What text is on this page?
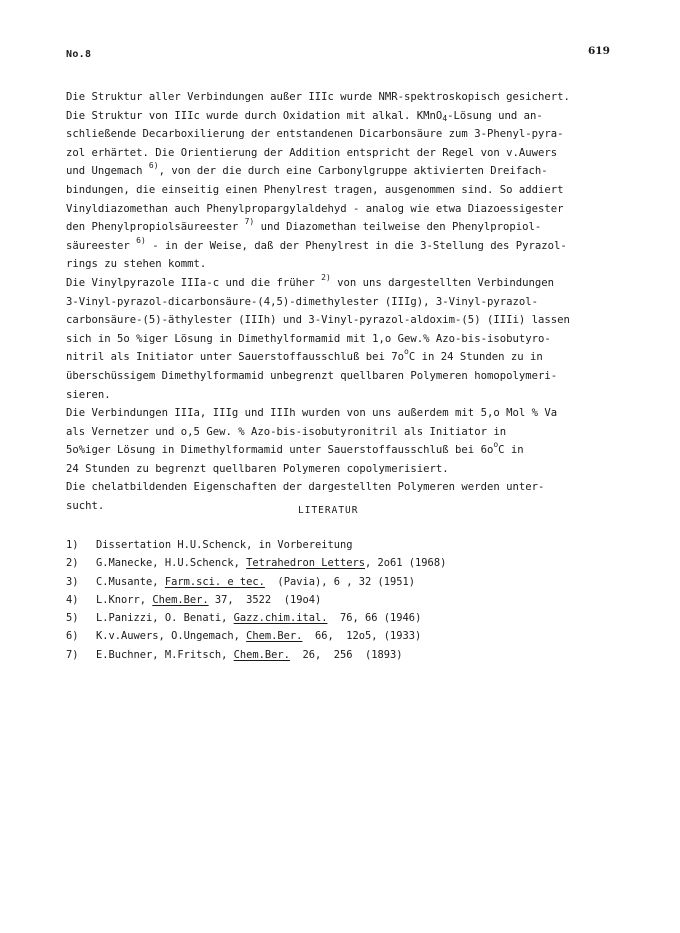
No.8	619
Die Struktur aller Verbindungen außer IIIc wurde NMR-spektroskopisch gesichert.
Die Struktur von IIIc wurde durch Oxidation mit alkal. KMnO$_4$-Lösung und an-
schließende Decarboxilierung der entstandenen Dicarbonsäure zum 3-Phenyl-pyra-
zol erhärtet. Die Orientierung der Addition entspricht der Regel von v.Auwers
und Ungemach $^{6)}$, von der die durch eine Carbonylgruppe aktivierten Dreifach-
bindungen, die einseitig einen Phenylrest tragen, ausgenommen sind. So addiert
Vinyldiazomethan auch Phenylpropargylaldehyd - analog wie etwa Diazoessigester
den Phenylpropiolsäureester $^{7)}$ und Diazomethan teilweise den Phenylpropiol-
säureester $^{6)}$ - in der Weise, daß der Phenylrest in die 3-Stellung des Pyrazol-
rings zu stehen kommt.
Die Vinylpyrazole IIIa-c und die früher $^{2)}$ von uns dargestellten Verbindungen
3-Vinyl-pyrazol-dicarbonsäure-(4,5)-dimethylester (IIIg), 3-Vinyl-pyrazol-
carbonsäure-(5)-äthylester (IIIh) und 3-Vinyl-pyrazol-aldoxim-(5) (IIIi) lassen
sich in 5o %iger Lösung in Dimethylformamid mit 1,o Gew.% Azo-bis-isobutyro-
nitril als Initiator unter Sauerstoffausschluß bei $7o^oC$ in 24 Stunden zu in
überschüssigem Dimethylformamid unbegrenzt quellbaren Polymeren homopolymeri-
sieren.
Die Verbindungen IIIa, IIIg und IIIh wurden von uns außerdem mit 5,o Mol % Va
als Vernetzer und o,5 Gew. % Azo-bis-isobutyronitril als Initiator in
5o%iger Lösung in Dimethylformamid unter Sauerstoffausschluß bei $6o^oC$ in
24 Stunden zu begrenzt quellbaren Polymeren copolymerisiert.
Die chelatbildenden Eigenschaften der dargestellten Polymeren werden unter-
sucht.	LITERATUR
1)	Dissertation H.U.Schenck, in Vorbereitung
2)	G.Manecke, H.U.Schenck, Tetrahedron Letters , 2o61 (1968)
3)	C.Musante, Farm.sci. e tec. (Pavia), 6 , 32 (1951)
4)	L.Knorr, Chem.Ber. 37,  3522  (19o4)
5)	L.Panizzi, O. Benati, Gazz.chim.ital. 76, 66 (1946)
6)	K.v.Auwers, O.Ungemach, Chem.Ber. 66,  12o5, (1933)
7)	E.Buchner, M.Fritsch, Chem.Ber. 26,  256  (1893)
